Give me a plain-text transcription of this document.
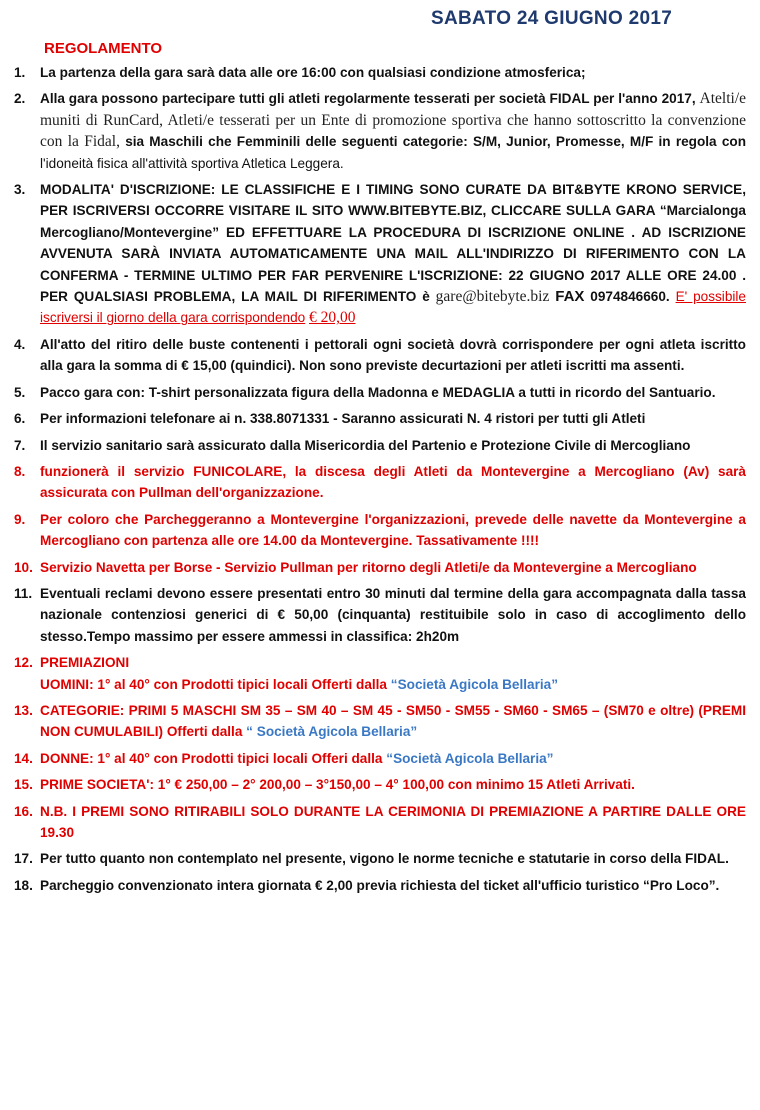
SABATO 24 GIUGNO 2017
REGOLAMENTO
1.	La partenza della gara sarà data alle ore 16:00 con qualsiasi condizione atmosferica;
2.	Alla gara possono partecipare tutti gli atleti regolarmente tesserati per società FIDAL per l'anno 2017, Atelti/e muniti di RunCard, Atleti/e tesserati per un Ente di promozione sportiva che hanno sottoscritto la convenzione con la Fidal, sia Maschili che Femminili delle seguenti categorie: S/M, Junior, Promesse, M/F in regola con l'idoneità fisica all'attività sportiva Atletica Leggera.
3.	MODALITA' D'ISCRIZIONE: LE CLASSIFICHE E I TIMING SONO CURATE DA BIT&BYTE KRONO SERVICE, PER ISCRIVERSI OCCORRE VISITARE IL SITO WWW.BITEBYTE.BIZ, CLICCARE SULLA GARA “Marcialonga Mercogliano/Montevergine” ED EFFETTUARE LA PROCEDURA DI ISCRIZIONE ONLINE . AD ISCRIZIONE AVVENUTA SARÀ INVIATA AUTOMATICAMENTE UNA MAIL ALL'INDIRIZZO DI RIFERIMENTO CON LA CONFERMA - TERMINE ULTIMO PER FAR PERVENIRE L'ISCRIZIONE: 22 GIUGNO 2017 ALLE ORE 24.00 . PER QUALSIASI PROBLEMA, LA MAIL DI RIFERIMENTO è gare@bitebyte.biz FAX 0974846660. E' possibile iscriversi il giorno della gara corrispondendo € 20,00
4.	All'atto del ritiro delle buste contenenti i pettorali ogni società dovrà corrispondere per ogni atleta iscritto alla gara la somma di € 15,00 (quindici). Non sono previste decurtazioni per atleti iscritti ma assenti.
5.	Pacco gara con: T-shirt personalizzata figura della Madonna e MEDAGLIA a tutti in ricordo del Santuario.
6.	Per informazioni telefonare ai n. 338.8071331 - Saranno assicurati N. 4 ristori per tutti gli Atleti
7.	Il servizio sanitario sarà assicurato dalla Misericordia del Partenio e Protezione Civile di Mercogliano
8.	funzionerà il servizio FUNICOLARE, la discesa degli Atleti da Montevergine a Mercogliano (Av) sarà assicurata con Pullman dell'organizzazione.
9.	Per coloro che Parcheggeranno a Montevergine l'organizzazioni, prevede delle navette da Montevergine a Mercogliano con partenza alle ore 14.00 da Montevergine. Tassativamente !!!!
10. Servizio Navetta per Borse - Servizio Pullman per ritorno degli Atleti/e da Montevergine a Mercogliano
11. Eventuali reclami devono essere presentati entro 30 minuti dal termine della gara accompagnata dalla tassa nazionale contenziosi generici di € 50,00 (cinquanta) restituibile solo in caso di accoglimento dello stesso.Tempo massimo per essere ammessi in classifica: 2h20m
12. PREMIAZIONI
UOMINI: 1° al 40° con Prodotti tipici locali Offerti dalla “Società Agicola Bellaria”
13. CATEGORIE: PRIMI 5 MASCHI SM 35 – SM 40 – SM 45 - SM50 - SM55 - SM60 - SM65 – (SM70 e oltre) (PREMI NON CUMULABILI) Offerti dalla “ Società Agicola Bellaria”
14. DONNE: 1° al 40° con Prodotti tipici locali Offeri dalla “Società Agicola Bellaria”
15. PRIME SOCIETA': 1° € 250,00 – 2° 200,00 – 3°150,00 – 4° 100,00 con minimo 15 Atleti Arrivati.
16. N.B. I PREMI SONO RITIRABILI SOLO DURANTE LA CERIMONIA DI PREMIAZIONE A PARTIRE DALLE ORE 19.30
17. Per tutto quanto non contemplato nel presente, vigono le norme tecniche e statutarie in corso della FIDAL.
18. Parcheggio convenzionato intera giornata € 2,00 previa richiesta del ticket all'ufficio turistico “Pro Loco”.
